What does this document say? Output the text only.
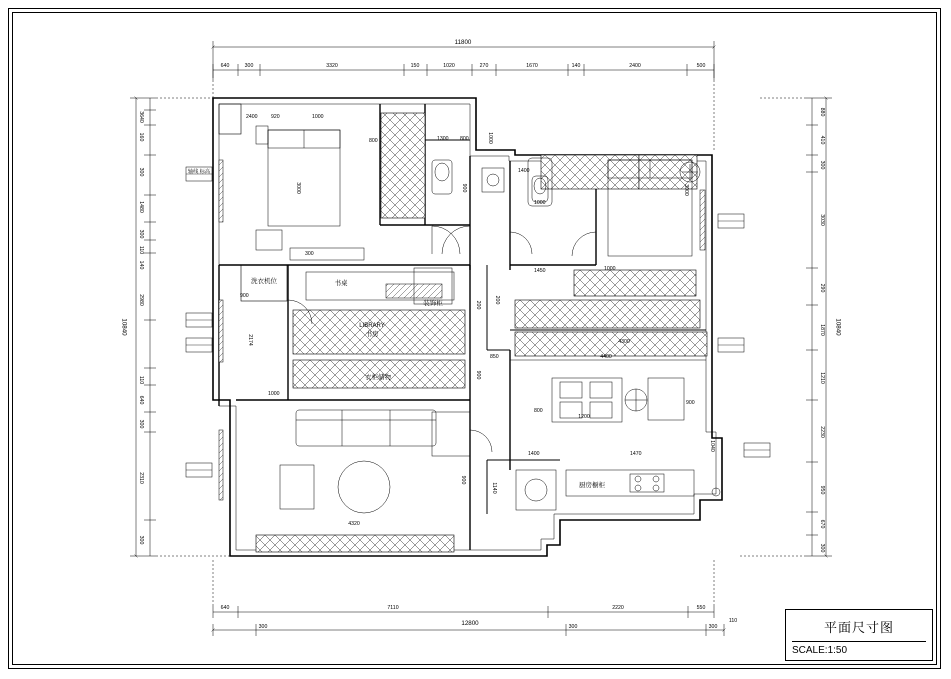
11800
640	300	3320	150	1020	270	1670	140	2400	500
10840
3640
160
300
1480
300
110
140
2980
110
640
300
2310
300
10840
880
410
300
3030
290
1870
1210
2230
950
670
300
640	7110	2220	550
300	300	300
110
12800
轴线 标高
2400	920	1000
800
3000
1300 800
900
1000
1400
1000
1450	1000
3000
300
2174
900
1000
4300
4400
1200
800
900
1040
1400	1470
1140
4320
900
900
200
200
850
LIBRARY
书房
书桌
装饰柜
衣柜储物
厨房橱柜
洗衣机位
平面尺寸图
SCALE:1:50
